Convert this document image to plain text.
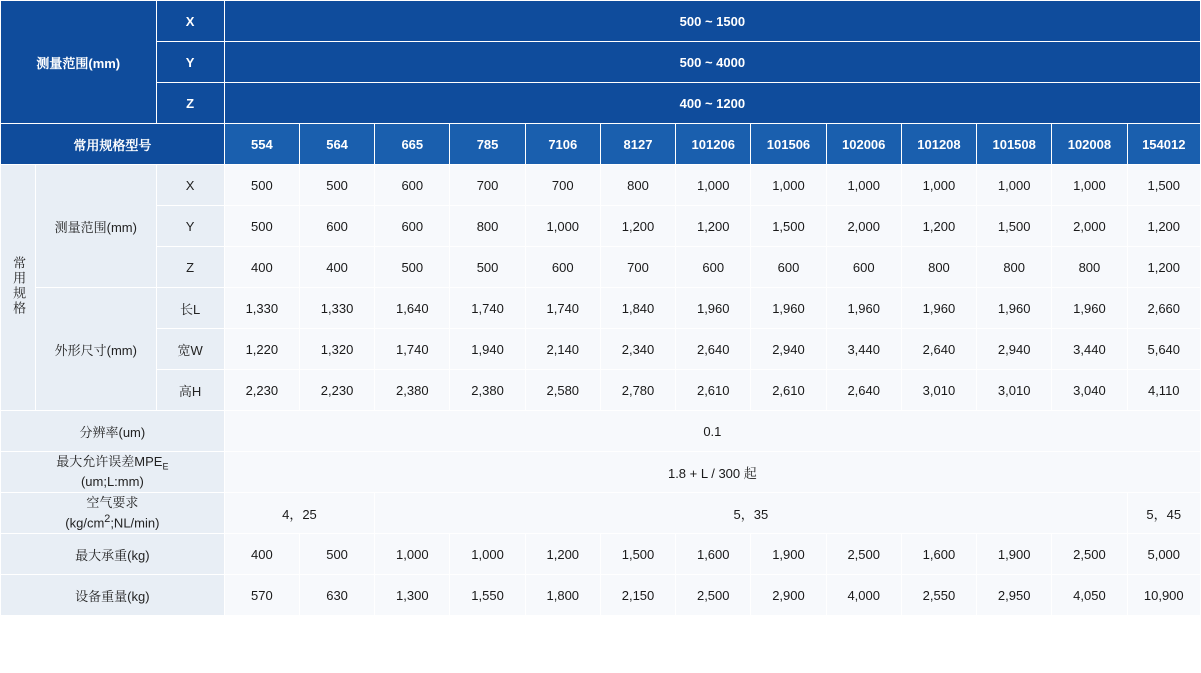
测量范围(mm)		X	500 ~ 1500												
		Y	500 ~ 4000												
		Z	400 ~ 1200												
常用规格型号			554	564	665	785	7106	8127	101206	101506	102006	101208	101508	102008	154012
常用规格	测量范围(mm)	X	500	500	600	700	700	800	1,000	1,000	1,000	1,000	1,000	1,000	1,500
		Y	500	600	600	800	1,000	1,200	1,200	1,500	2,000	1,200	1,500	2,000	1,200
		Z	400	400	500	500	600	700	600	600	600	800	800	800	1,200
	外形尺寸(mm)	长L	1,330	1,330	1,640	1,740	1,740	1,840	1,960	1,960	1,960	1,960	1,960	1,960	2,660
		宽W	1,220	1,320	1,740	1,940	2,140	2,340	2,640	2,940	3,440	2,640	2,940	3,440	5,640
		高H	2,230	2,230	2,380	2,380	2,580	2,780	2,610	2,610	2,640	3,010	3,010	3,040	4,110
分辨率(um)			0.1												
最大允许误差$MPE_E$
(um;L:mm)			1.8 + L / 300 起												
空气要求
$(kg/cm^2;NL/\min)$			4，25		5，35										5，45
最大承重(kg)			400	500	1,000	1,000	1,200	1,500	1,600	1,900	2,500	1,600	1,900	2,500	5,000
设备重量(kg)			570	630	1,300	1,550	1,800	2,150	2,500	2,900	4,000	2,550	2,950	4,050	10,900
